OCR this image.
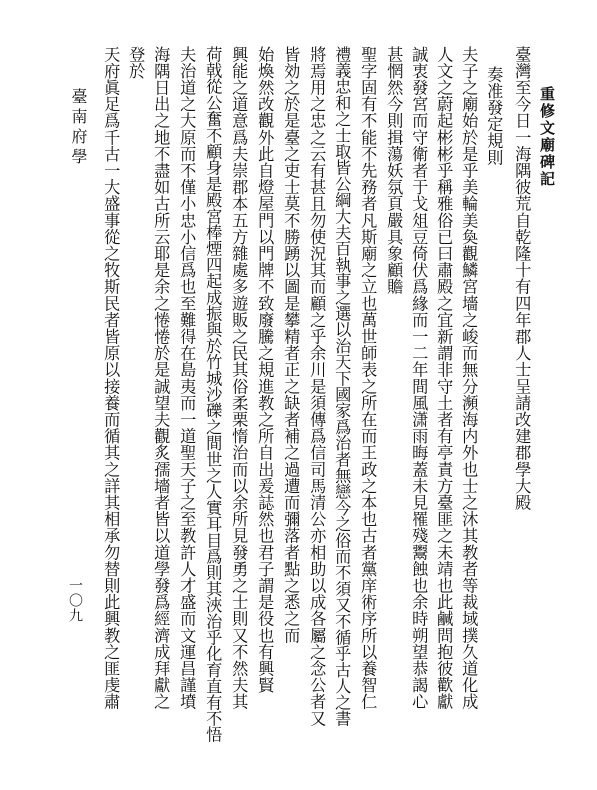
重修文廟碑記
臺灣至今日一海隅彼荒自乾隆十有四年郡人士呈請改建郡學大殿
奏准發定規則
夫子之廟始於是乎美輪美奐觀鱗宮墻之峻而無分瀕海内外也士之沐其教者等裁域撲久道化成
人文之蔚起彬彬乎稱雅俗已曰肅殿之宜新謂非守土者有亭責方臺匪之未靖也此鹹問抱彼歡獻
誠衷發宮而守衛者于戈俎豆倚伏爲緣而一二年間風潇雨晦蓋未見罹殘鬻蝕也余時朔望恭謁心
甚惘然今則揖蕩妖氛頁嚴具象顧贍
聖字固有不能不先務者凡斯廟之立也萬世師表之所在而王政之本也古者黨庠術序所以養智仁
禮義忠和之士取皆公綱大夫百執事之選以治天下國家爲治者無戀今之俗而不須又不循乎古人之書
將焉用之忠之云有甚且勿使況其而顧之乎余川是須傳爲信司馬清公亦相助以成各屬之念公者又
皆効之於是臺之吏士莫不勝踴以圖是攀精者正之缺者補之過遭而彌落者點之悉之而
始煥然改觀外此自燈屋門以門牌不致廢騰之規進教之所自出爰誌然也君子謂是役也有興賢
興能之道意爲夫崇郡本五方雜處多遊販之民其俗柔栗惰治而以余所見發勇之士則又不然夫其
荷戟從公奮不顧身是殿宮棒煙四起成振與於竹城沙礫之間世之人實耳目爲則其浹治乎化育直有不悟
夫治道之大原而不僅小忠小信爲也至難得在島夷而一道聖天子之至教許人才盛而文運昌謹墳
海隅日出之地不盡如古所云耶是余之惓惓於是誠望夫觀炙孺墻者皆以道學發爲經濟成拜獻之
登於
天府眞足爲千古一大盛事從之牧斯民者皆原以接養而循其之詳其相承勿替則此興教之匪虔肅
臺南府學
一〇九
